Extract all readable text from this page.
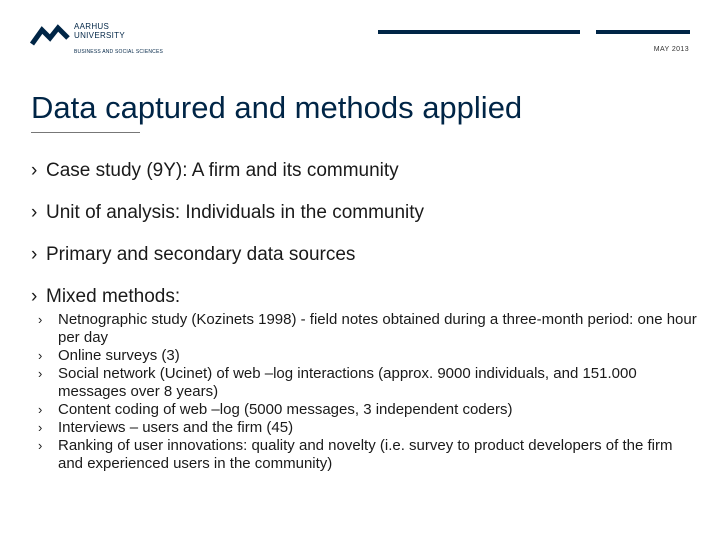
AARHUS
UNIVERSITY
BUSINESS AND SOCIAL SCIENCES	MAY 2013
Data captured and methods applied
› Case study (9Y): A firm and its community
› Unit of analysis: Individuals in the community
› Primary and secondary data sources
› Mixed methods:
›	Netnographic study (Kozinets 1998) - field notes obtained during a three-month period: one hour per day
›	Online surveys (3)
›	Social network (Ucinet) of web –log interactions (approx. 9000 individuals, and 151.000 messages over 8 years)
›	Content coding of web –log (5000 messages, 3 independent coders)
›	Interviews – users and the firm (45)
›	Ranking of user innovations: quality and novelty (i.e. survey to product developers of the firm and experienced users in the community)
